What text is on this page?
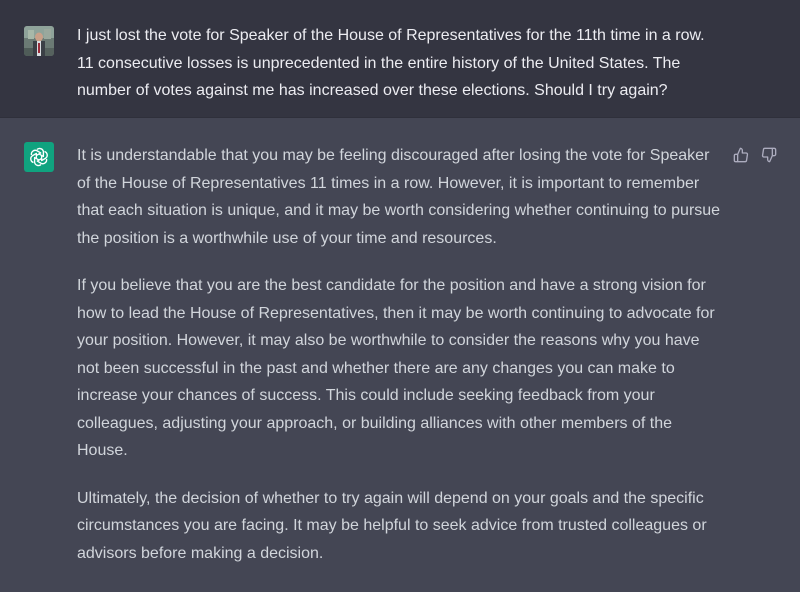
I just lost the vote for Speaker of the House of Representatives for the 11th time in a row. 11 consecutive losses is unprecedented in the entire history of the United States. The number of votes against me has increased over these elections. Should I try again?

It is understandable that you may be feeling discouraged after losing the vote for Speaker of the House of Representatives 11 times in a row. However, it is important to remember that each situation is unique, and it may be worth considering whether continuing to pursue the position is a worthwhile use of your time and resources.

If you believe that you are the best candidate for the position and have a strong vision for how to lead the House of Representatives, then it may be worth continuing to advocate for your position. However, it may also be worthwhile to consider the reasons why you have not been successful in the past and whether there are any changes you can make to increase your chances of success. This could include seeking feedback from your colleagues, adjusting your approach, or building alliances with other members of the House.

Ultimately, the decision of whether to try again will depend on your goals and the specific circumstances you are facing. It may be helpful to seek advice from trusted colleagues or advisors before making a decision.
